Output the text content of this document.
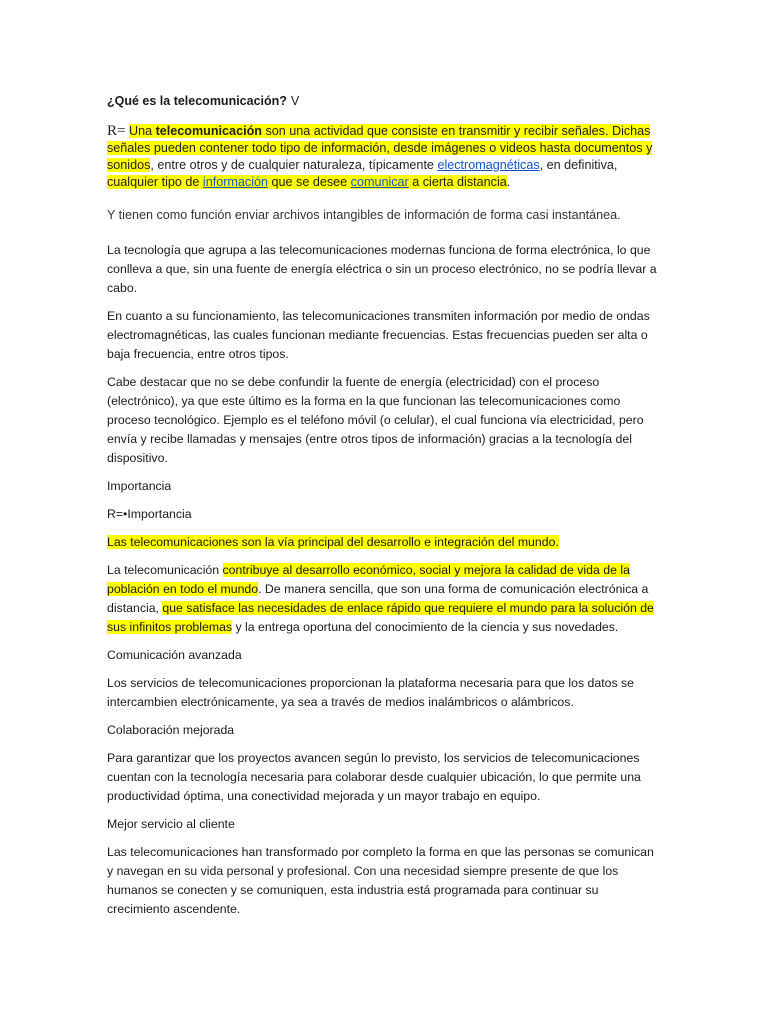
¿Qué es la telecomunicación? V
R= Una telecomunicación son una actividad que consiste en transmitir y recibir señales. Dichas señales pueden contener todo tipo de información, desde imágenes o videos hasta documentos y sonidos, entre otros y de cualquier naturaleza, típicamente electromagnéticas, en definitiva, cualquier tipo de información que se desee comunicar a cierta distancia.

Y tienen como función enviar archivos intangibles de información de forma casi instantánea.

La tecnología que agrupa a las telecomunicaciones modernas funciona de forma electrónica, lo que conlleva a que, sin una fuente de energía eléctrica o sin un proceso electrónico, no se podría llevar a cabo.

En cuanto a su funcionamiento, las telecomunicaciones transmiten información por medio de ondas electromagnéticas, las cuales funcionan mediante frecuencias. Estas frecuencias pueden ser alta o baja frecuencia, entre otros tipos.

Cabe destacar que no se debe confundir la fuente de energía (electricidad) con el proceso (electrónico), ya que este último es la forma en la que funcionan las telecomunicaciones como proceso tecnológico. Ejemplo es el teléfono móvil (o celular), el cual funciona vía electricidad, pero envía y recibe llamadas y mensajes (entre otros tipos de información) gracias a la tecnología del dispositivo.

Importancia

R=•Importancia

Las telecomunicaciones son la vía principal del desarrollo e integración del mundo.

La telecomunicación contribuye al desarrollo económico, social y mejora la calidad de vida de la población en todo el mundo. De manera sencilla, que son una forma de comunicación electrónica a distancia, que satisface las necesidades de enlace rápido que requiere el mundo para la solución de sus infinitos problemas y la entrega oportuna del conocimiento de la ciencia y sus novedades.

Comunicación avanzada

Los servicios de telecomunicaciones proporcionan la plataforma necesaria para que los datos se intercambien electrónicamente, ya sea a través de medios inalámbricos o alámbricos.

Colaboración mejorada

Para garantizar que los proyectos avancen según lo previsto, los servicios de telecomunicaciones cuentan con la tecnología necesaria para colaborar desde cualquier ubicación, lo que permite una productividad óptima, una conectividad mejorada y un mayor trabajo en equipo.

Mejor servicio al cliente

Las telecomunicaciones han transformado por completo la forma en que las personas se comunican y navegan en su vida personal y profesional. Con una necesidad siempre presente de que los humanos se conecten y se comuniquen, esta industria está programada para continuar su crecimiento ascendente.
